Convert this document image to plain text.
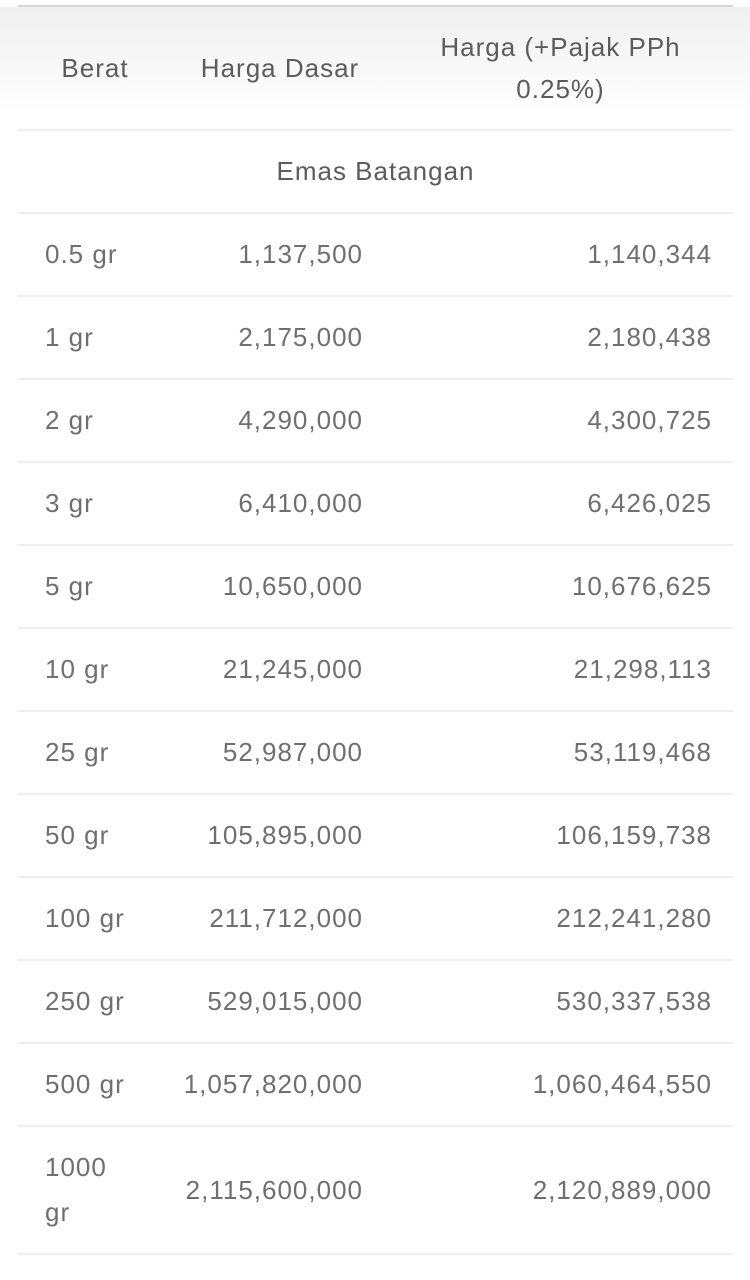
Berat	Harga Dasar	Harga (+Pajak PPh 0.25%)
Emas Batangan		
0.5 gr	1,137,500	1,140,344
1 gr	2,175,000	2,180,438
2 gr	4,290,000	4,300,725
3 gr	6,410,000	6,426,025
5 gr	10,650,000	10,676,625
10 gr	21,245,000	21,298,113
25 gr	52,987,000	53,119,468
50 gr	105,895,000	106,159,738
100 gr	211,712,000	212,241,280
250 gr	529,015,000	530,337,538
500 gr	1,057,820,000	1,060,464,550
1000 gr	2,115,600,000	2,120,889,000
